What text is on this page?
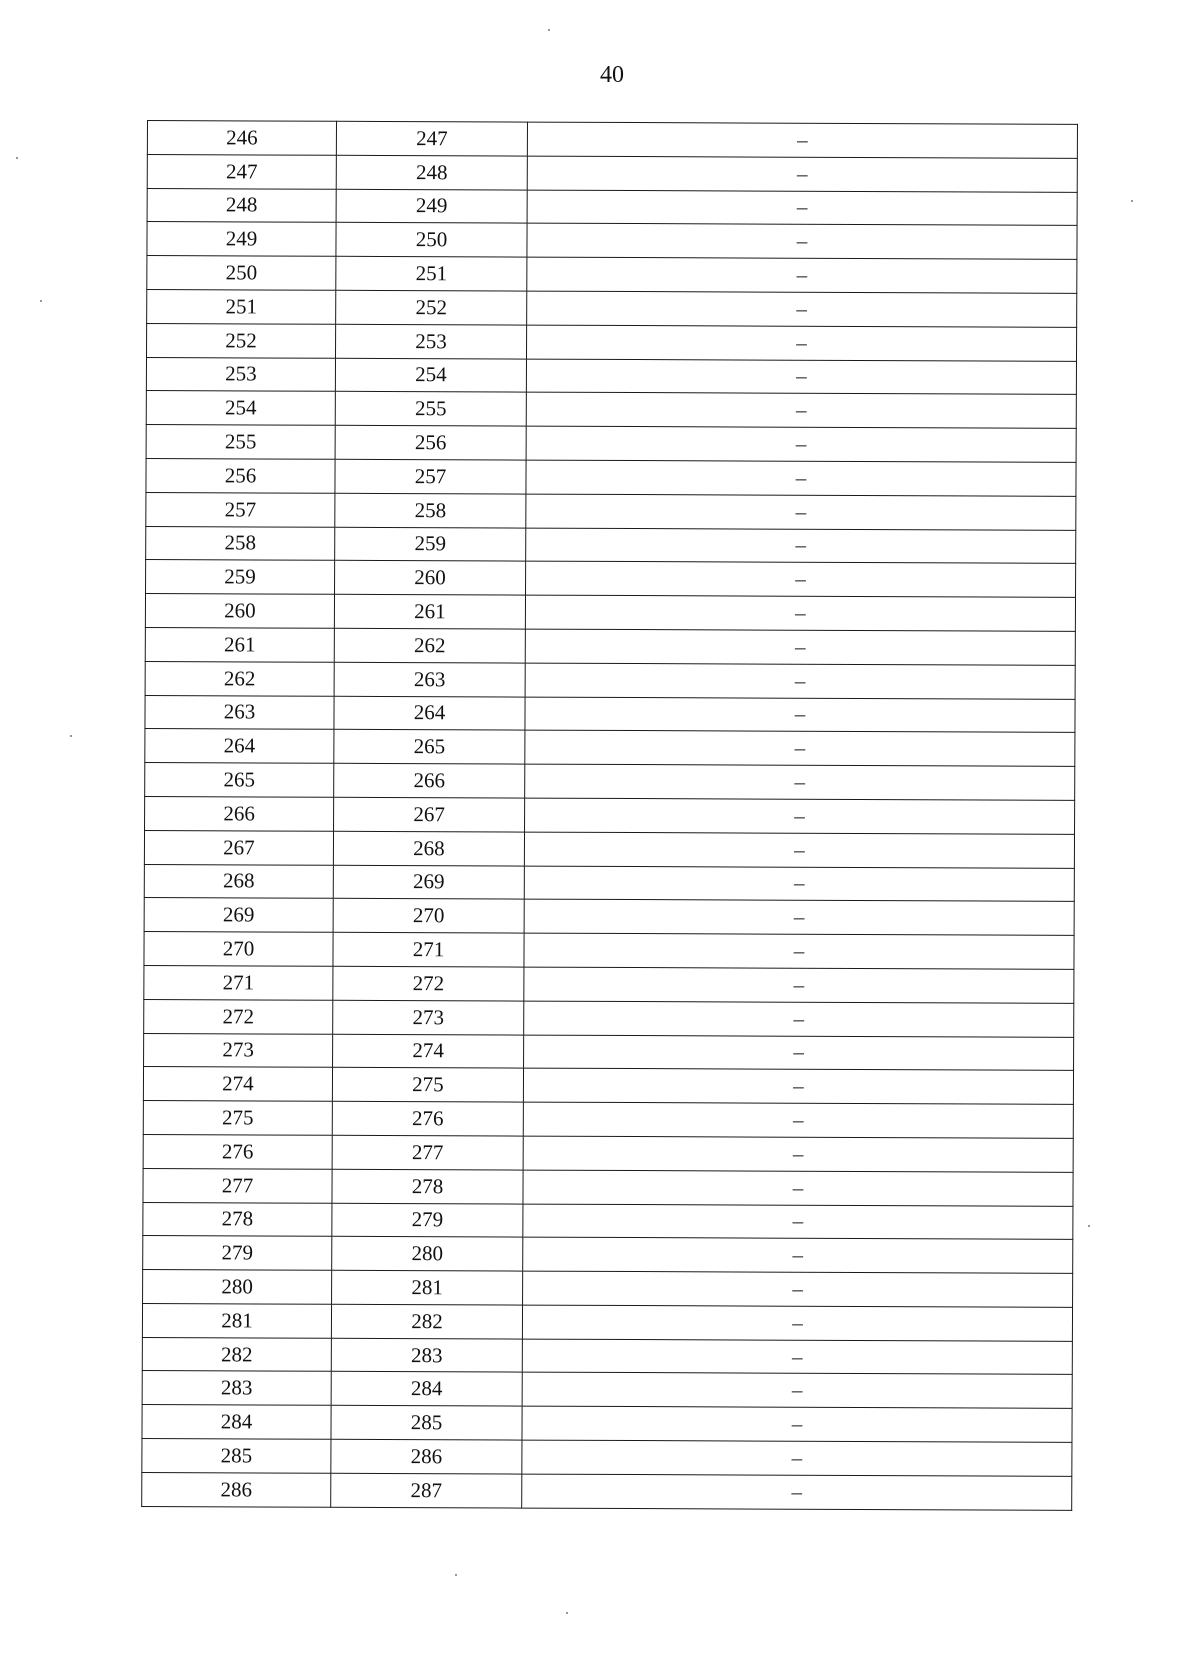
40
246	247	–
247	248	–
248	249	–
249	250	–
250	251	–
251	252	–
252	253	–
253	254	–
254	255	–
255	256	–
256	257	–
257	258	–
258	259	–
259	260	–
260	261	–
261	262	–
262	263	–
263	264	–
264	265	–
265	266	–
266	267	–
267	268	–
268	269	–
269	270	–
270	271	–
271	272	–
272	273	–
273	274	–
274	275	–
275	276	–
276	277	–
277	278	–
278	279	–
279	280	–
280	281	–
281	282	–
282	283	–
283	284	–
284	285	–
285	286	–
286	287	–
